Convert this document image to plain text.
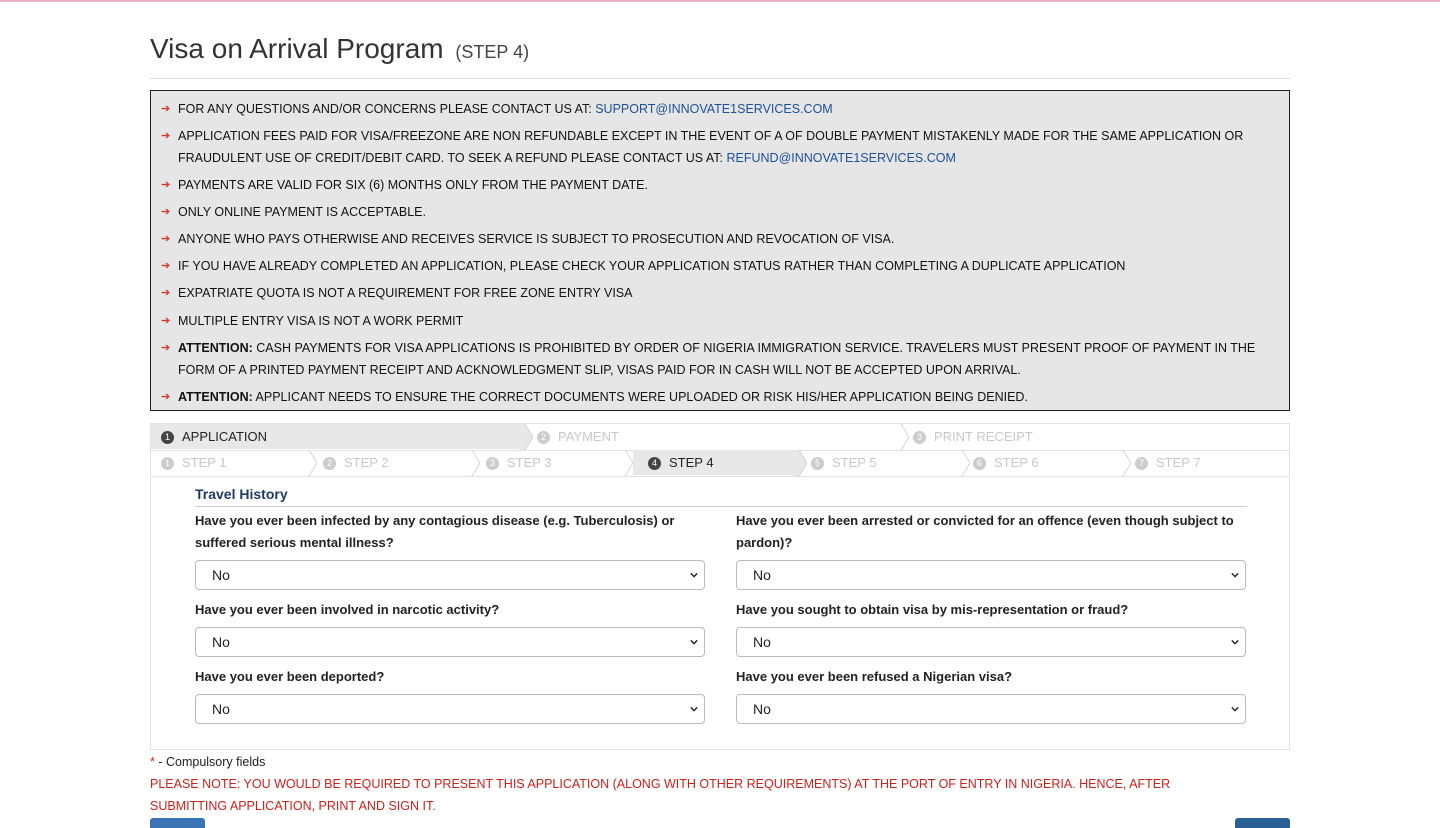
Visa on Arrival Program (STEP 4)
➔ FOR ANY QUESTIONS AND/OR CONCERNS PLEASE CONTACT US AT: SUPPORT@INNOVATE1SERVICES.COM
➔ APPLICATION FEES PAID FOR VISA/FREEZONE ARE NON REFUNDABLE EXCEPT IN THE EVENT OF A OF DOUBLE PAYMENT MISTAKENLY MADE FOR THE SAME APPLICATION OR FRAUDULENT USE OF CREDIT/DEBIT CARD. TO SEEK A REFUND PLEASE CONTACT US AT: REFUND@INNOVATE1SERVICES.COM
➔ PAYMENTS ARE VALID FOR SIX (6) MONTHS ONLY FROM THE PAYMENT DATE.
➔ ONLY ONLINE PAYMENT IS ACCEPTABLE.
➔ ANYONE WHO PAYS OTHERWISE AND RECEIVES SERVICE IS SUBJECT TO PROSECUTION AND REVOCATION OF VISA.
➔ IF YOU HAVE ALREADY COMPLETED AN APPLICATION, PLEASE CHECK YOUR APPLICATION STATUS RATHER THAN COMPLETING A DUPLICATE APPLICATION
➔ EXPATRIATE QUOTA IS NOT A REQUIREMENT FOR FREE ZONE ENTRY VISA
➔ MULTIPLE ENTRY VISA IS NOT A WORK PERMIT
➔ ATTENTION: CASH PAYMENTS FOR VISA APPLICATIONS IS PROHIBITED BY ORDER OF NIGERIA IMMIGRATION SERVICE. TRAVELERS MUST PRESENT PROOF OF PAYMENT IN THE FORM OF A PRINTED PAYMENT RECEIPT AND ACKNOWLEDGMENT SLIP, VISAS PAID FOR IN CASH WILL NOT BE ACCEPTED UPON ARRIVAL.
➔ ATTENTION: APPLICANT NEEDS TO ENSURE THE CORRECT DOCUMENTS WERE UPLOADED OR RISK HIS/HER APPLICATION BEING DENIED.
1 APPLICATION	2 PAYMENT	3 PRINT RECEIPT
1 STEP 1	2 STEP 2	3 STEP 3	4 STEP 4	5 STEP 5	6 STEP 6	7 STEP 7
Travel History
Have you ever been infected by any contagious disease (e.g. Tuberculosis) or suffered serious mental illness?
No
Have you ever been arrested or convicted for an offence (even though subject to pardon)?
No
Have you ever been involved in narcotic activity?
No
Have you sought to obtain visa by mis-representation or fraud?
No
Have you ever been deported?
No
Have you ever been refused a Nigerian visa?
No
* - Compulsory fields
PLEASE NOTE: YOU WOULD BE REQUIRED TO PRESENT THIS APPLICATION (ALONG WITH OTHER REQUIREMENTS) AT THE PORT OF ENTRY IN NIGERIA. HENCE, AFTER SUBMITTING APPLICATION, PRINT AND SIGN IT.
